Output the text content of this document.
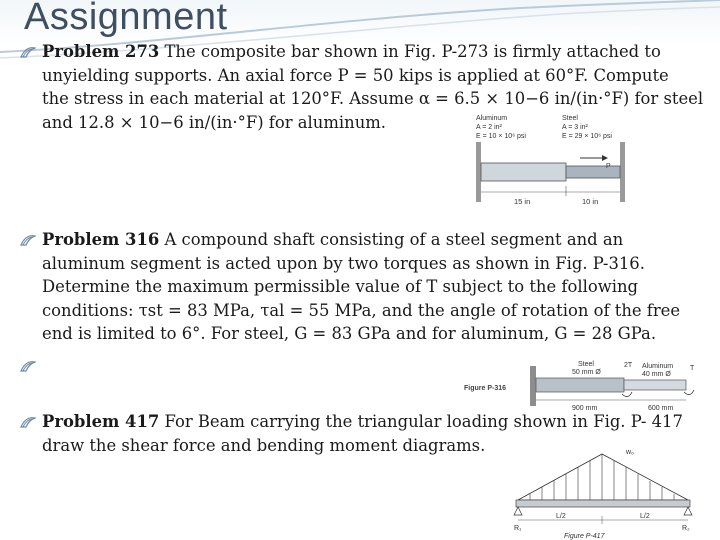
Assignment
Problem 273 The composite bar shown in Fig. P-273 is firmly attached to
unyielding supports. An axial force P = 50 kips is applied at 60°F. Compute
the stress in each material at 120°F. Assume α = 6.5 × 10−6 in/(in·°F) for steel
and 12.8 × 10−6 in/(in·°F) for aluminum.
P
Aluminum
A = 2 in²
E = 10 × 10⁶ psi
Steel
A = 3 in²
E = 29 × 10⁶ psi
15 in	10 in
Problem 316 A compound shaft consisting of a steel segment and an
aluminum segment is acted upon by two torques as shown in Fig. P-316.
Determine the maximum permissible value of T subject to the following
conditions: τst = 83 MPa, τal = 55 MPa, and the angle of rotation of the free
end is limited to 6°. For steel, G = 83 GPa and for aluminum, G = 28 GPa.
Figure P-316
Steel
50 mm Ø
Aluminum
40 mm Ø
2T	T
900 mm	600 mm
Problem 417 For Beam carrying the triangular loading shown in Fig. P- 417
draw the shear force and bending moment diagrams.	w₀
L/2	L/2
R₁	R₂
Figure P-417
